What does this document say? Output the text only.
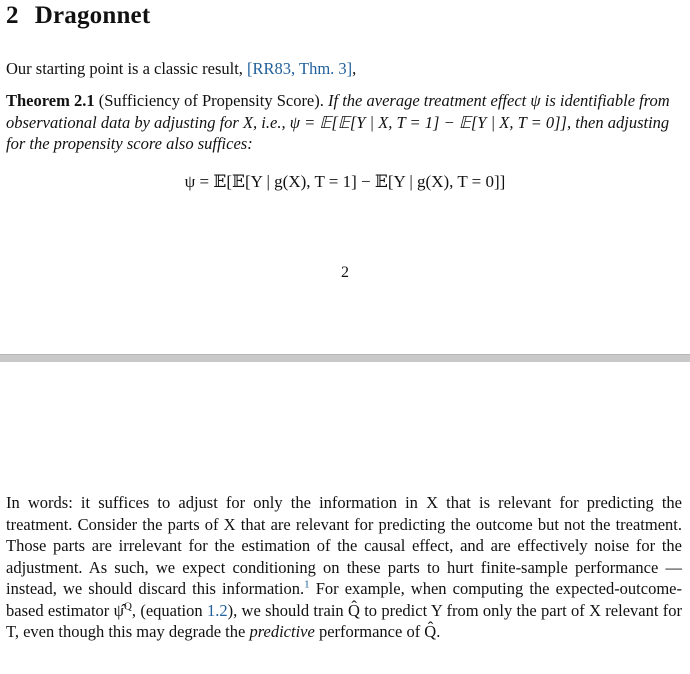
2 Dragonnet

Our starting point is a classic result, [RR83, Thm. 3],

Theorem 2.1 (Sufficiency of Propensity Score). If the average treatment effect ψ is identifiable from observational data by adjusting for X, i.e., ψ = 𝔼[𝔼[Y | X, T = 1] − 𝔼[Y | X, T = 0]], then adjusting for the propensity score also suffices:

ψ = 𝔼[𝔼[Y | g(X), T = 1] − 𝔼[Y | g(X), T = 0]]
2

In words: it suffices to adjust for only the information in X that is relevant for predicting the treatment. Consider the parts of X that are relevant for predicting the outcome but not the treatment. Those parts are irrelevant for the estimation of the causal effect, and are effectively noise for the adjustment. As such, we expect conditioning on these parts to hurt finite-sample performance —instead, we should discard this information.$^1$ For example, when computing the expected-outcome-based estimator ψ̂$^Q$, (equation 1.2), we should train Q̂ to predict Y from only the part of X relevant for T, even though this may degrade the predictive performance of Q̂.
